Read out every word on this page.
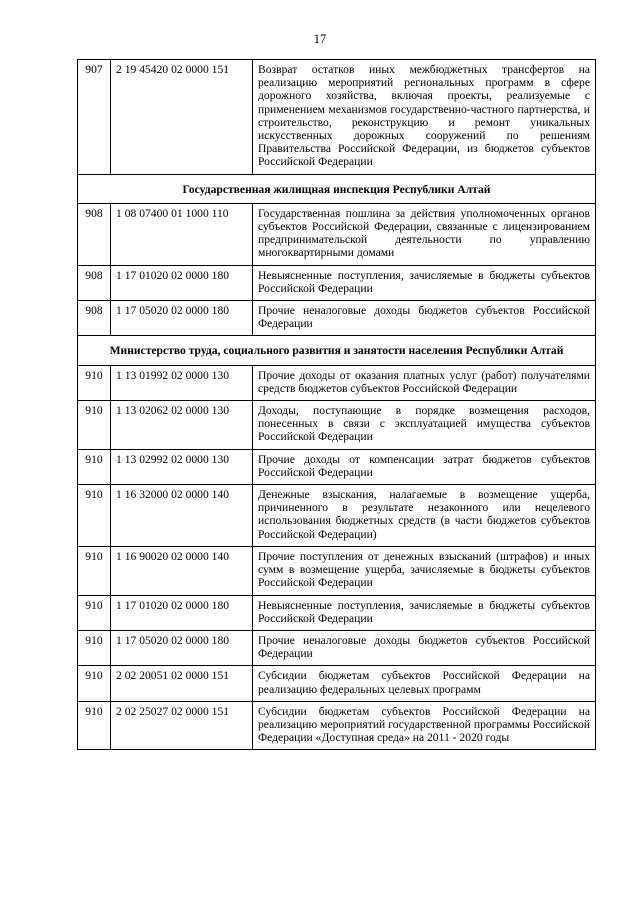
17
907	2 19 45420 02 0000 151	Возврат остатков иных межбюджетных трансфертов на реализацию мероприятий региональных программ в сфере дорожного хозяйства, включая проекты, реализуемые с применением механизмов государственно-частного партнерства, и строительство, реконструкцию и ремонт уникальных искусственных дорожных сооружений по решениям Правительства Российской Федерации, из бюджетов субъектов Российской Федерации
Государственная жилищная инспекция Республики Алтай		
908	1 08 07400 01 1000 110	Государственная пошлина за действия уполномоченных органов субъектов Российской Федерации, связанные с лицензированием предпринимательской деятельности по управлению многоквартирными домами
908	1 17 01020 02 0000 180	Невыясненные поступления, зачисляемые в бюджеты субъектов Российской Федерации
908	1 17 05020 02 0000 180	Прочие неналоговые доходы бюджетов субъектов Российской Федерации
Министерство труда, социального развития и занятости населения Республики Алтай		
910	1 13 01992 02 0000 130	Прочие доходы от оказания платных услуг (работ) получателями средств бюджетов субъектов Российской Федерации
910	1 13 02062 02 0000 130	Доходы, поступающие в порядке возмещения расходов, понесенных в связи с эксплуатацией имущества субъектов Российской Федерации
910	1 13 02992 02 0000 130	Прочие доходы от компенсации затрат бюджетов субъектов Российской Федерации
910	1 16 32000 02 0000 140	Денежные взыскания, налагаемые в возмещение ущерба, причиненного в результате незаконного или нецелевого использования бюджетных средств (в части бюджетов субъектов Российской Федерации)
910	1 16 90020 02 0000 140	Прочие поступления от денежных взысканий (штрафов) и иных сумм в возмещение ущерба, зачисляемые в бюджеты субъектов Российской Федерации
910	1 17 01020 02 0000 180	Невыясненные поступления, зачисляемые в бюджеты субъектов Российской Федерации
910	1 17 05020 02 0000 180	Прочие неналоговые доходы бюджетов субъектов Российской Федерации
910	2 02 20051 02 0000 151	Субсидии бюджетам субъектов Российской Федерации на реализацию федеральных целевых программ
910	2 02 25027 02 0000 151	Субсидии бюджетам субъектов Российской Федерации на реализацию мероприятий государственной программы Российской Федерации «Доступная среда» на 2011 - 2020 годы
